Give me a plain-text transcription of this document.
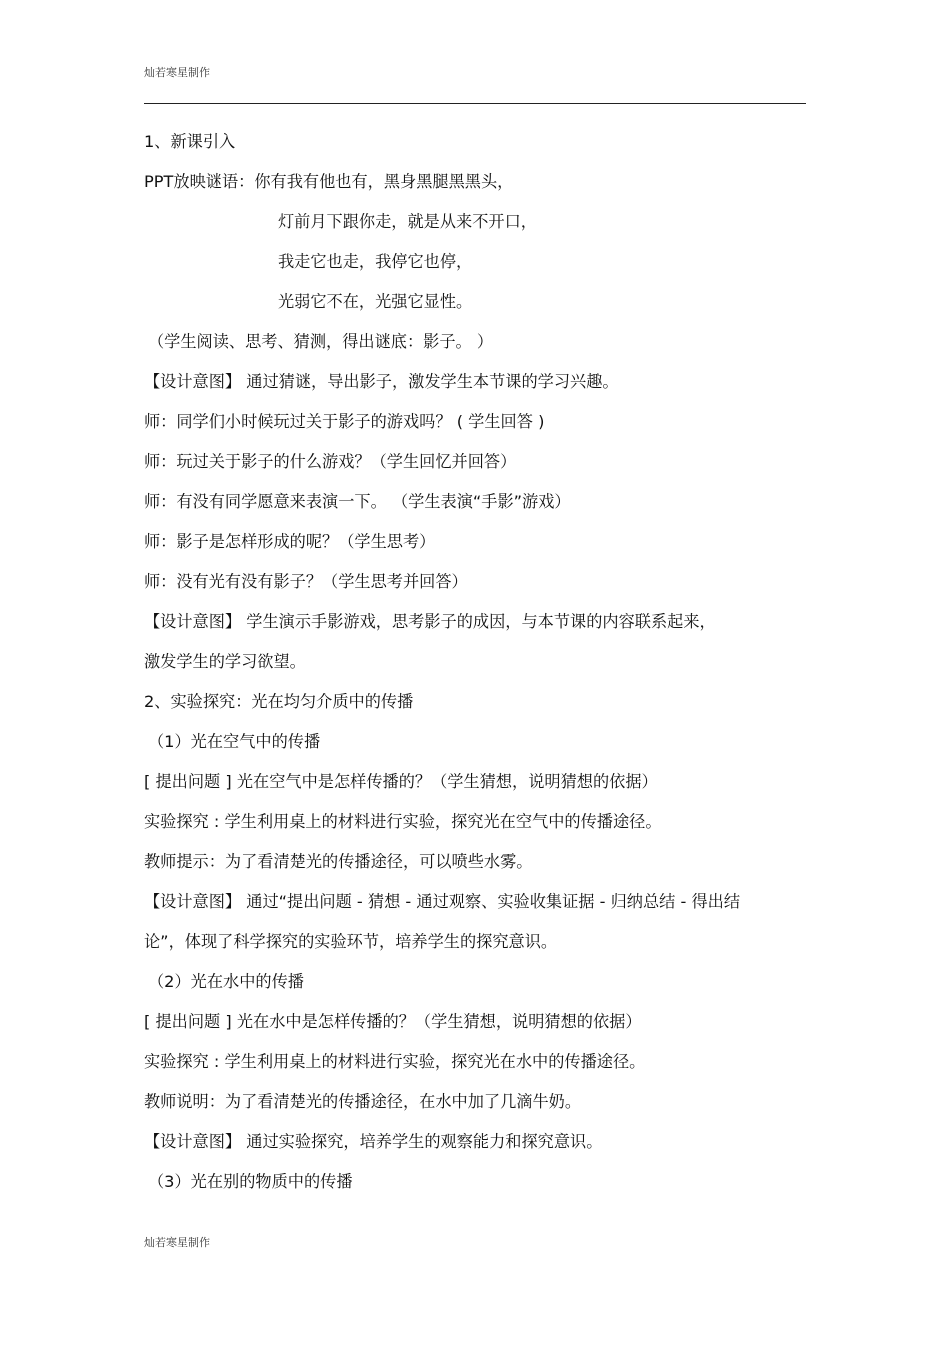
灿若寒星制作
1、新课引入
PPT放映谜语：你有我有他也有，黑身黑腿黑黑头，
灯前月下跟你走，就是从来不开口，
我走它也走，我停它也停，
光弱它不在，光强它显性。
（学生阅读、思考、猜测，得出谜底：影子。 ）
【设计意图】 通过猜谜，导出影子，激发学生本节课的学习兴趣。
师：同学们小时候玩过关于影子的游戏吗？ ( 学生回答 )
师：玩过关于影子的什么游戏？（学生回忆并回答）
师：有没有同学愿意来表演一下。 （学生表演“手影”游戏）
师：影子是怎样形成的呢？（学生思考）
师：没有光有没有影子？（学生思考并回答）
【设计意图】 学生演示手影游戏，思考影子的成因，与本节课的内容联系起来，
激发学生的学习欲望。
2、实验探究：光在均匀介质中的传播
（1）光在空气中的传播
[ 提出问题 ] 光在空气中是怎样传播的？（学生猜想，说明猜想的依据）
实验探究 : 学生利用桌上的材料进行实验，探究光在空气中的传播途径。
教师提示：为了看清楚光的传播途径，可以喷些水雾。
【设计意图】 通过“提出问题 - 猜想 - 通过观察、实验收集证据 - 归纳总结 - 得出结
论”，体现了科学探究的实验环节，培养学生的探究意识。
（2）光在水中的传播
[ 提出问题 ] 光在水中是怎样传播的？（学生猜想，说明猜想的依据）
实验探究 : 学生利用桌上的材料进行实验，探究光在水中的传播途径。
教师说明：为了看清楚光的传播途径，在水中加了几滴牛奶。
【设计意图】 通过实验探究，培养学生的观察能力和探究意识。
（3）光在别的物质中的传播
灿若寒星制作
